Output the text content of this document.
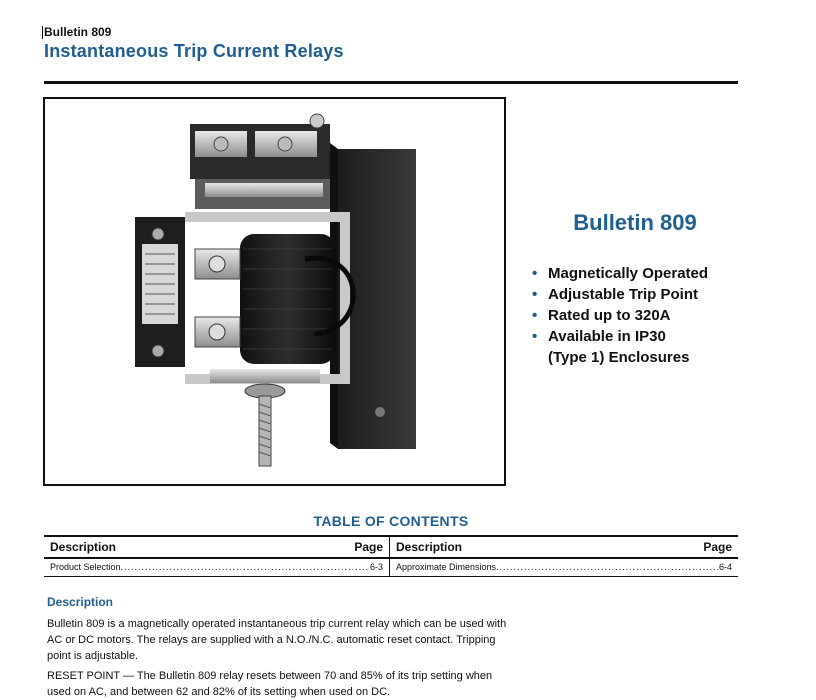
Bulletin 809
Instantaneous Trip Current Relays
Bulletin 809
• Magnetically Operated
• Adjustable Trip Point
• Rated up to 320A
• Available in IP30
(Type 1) Enclosures
TABLE OF CONTENTS
Description	Page Description	Page
Product Selection .....	6-3 Approximate Dimensions .....	6-4
Description

Bulletin 809 is a magnetically operated instantaneous trip current relay which can be used with AC or DC motors. The relays are supplied with a N.O./N.C. automatic reset contact. Tripping point is adjustable.

RESET POINT — The Bulletin 809 relay resets between 70 and 85% of its trip setting when used on AC, and between 62 and 82% of its setting when used on DC.
